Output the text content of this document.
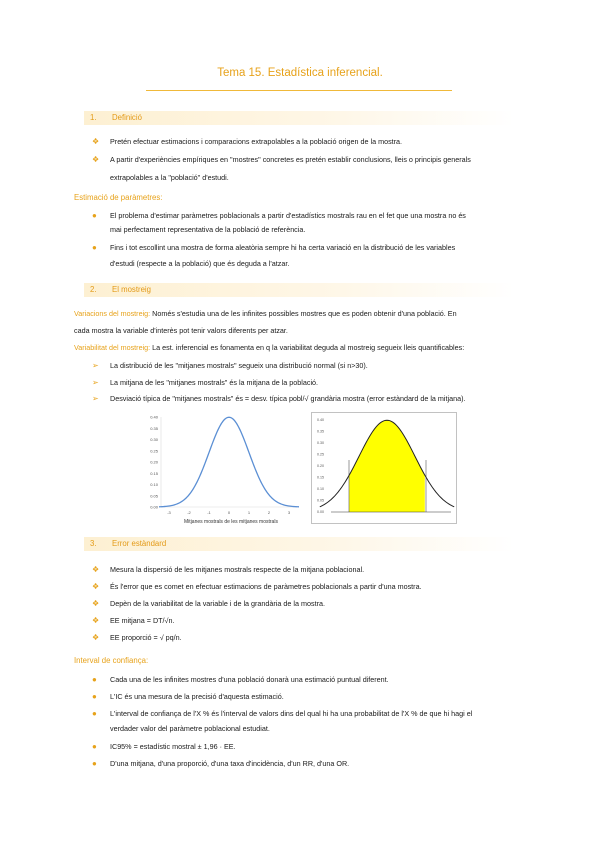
Tema 15. Estadística inferencial.
1. Definició
❖ Pretén efectuar estimacions i comparacions extrapolables a la població origen de la mostra.
❖ A partir d'experiències empíriques en "mostres" concretes es pretén establir conclusions, lleis o principis generals
extrapolables a la "població" d'estudi.
Estimació de paràmetres:
● El problema d'estimar paràmetres poblacionals a partir d'estadístics mostrals rau en el fet que una mostra no és
mai perfectament representativa de la població de referència.
● Fins i tot escollint una mostra de forma aleatòria sempre hi ha certa variació en la distribució de les variables
d'estudi (respecte a la població) que és deguda a l'atzar.
2. El mostreig
Variacions del mostreig: Només s'estudia una de les infinites possibles mostres que es poden obtenir d'una població. En
cada mostra la variable d'interès pot tenir valors diferents per atzar.
Variabilitat del mostreig: La est. inferencial es fonamenta en q la variabilitat deguda al mostreig segueix lleis quantificables:
➢ La distribució de les "mitjanes mostrals" segueix una distribució normal (si n>30).
➢ La mitjana de les "mitjanes mostrals" és la mitjana de la població.
➢ Desviació típica de "mitjanes mostrals" és = desv. típica pobl/√ grandària mostra (error estàndard de la mitjana).
0.40
0.35
0.30
0.25
0.20
0.15
0.10
0.05
0.00
-3	-2	-1	0	1	2	3
Mitjanes mostrals de les mitjanes mostrals
0.40
0.35
0.30
0.25
0.20
0.15
0.10
0.05
0.00
3. Error estàndard
❖ Mesura la dispersió de les mitjanes mostrals respecte de la mitjana poblacional.
❖ És l'error que es comet en efectuar estimacions de paràmetres poblacionals a partir d'una mostra.
❖ Depèn de la variabilitat de la variable i de la grandària de la mostra.
❖ EE mitjana = DT/√n.
❖ EE proporció = √ pq/n.
Interval de confiança:
● Cada una de les infinites mostres d'una població donarà una estimació puntual diferent.
● L'IC és una mesura de la precisió d'aquesta estimació.
● L'interval de confiança de l'X % és l'interval de valors dins del qual hi ha una probabilitat de l'X % de que hi hagi el
verdader valor del paràmetre poblacional estudiat.
● IC95% = estadístic mostral ± 1,96 · EE.
● D'una mitjana, d'una proporció, d'una taxa d'incidència, d'un RR, d'una OR.
